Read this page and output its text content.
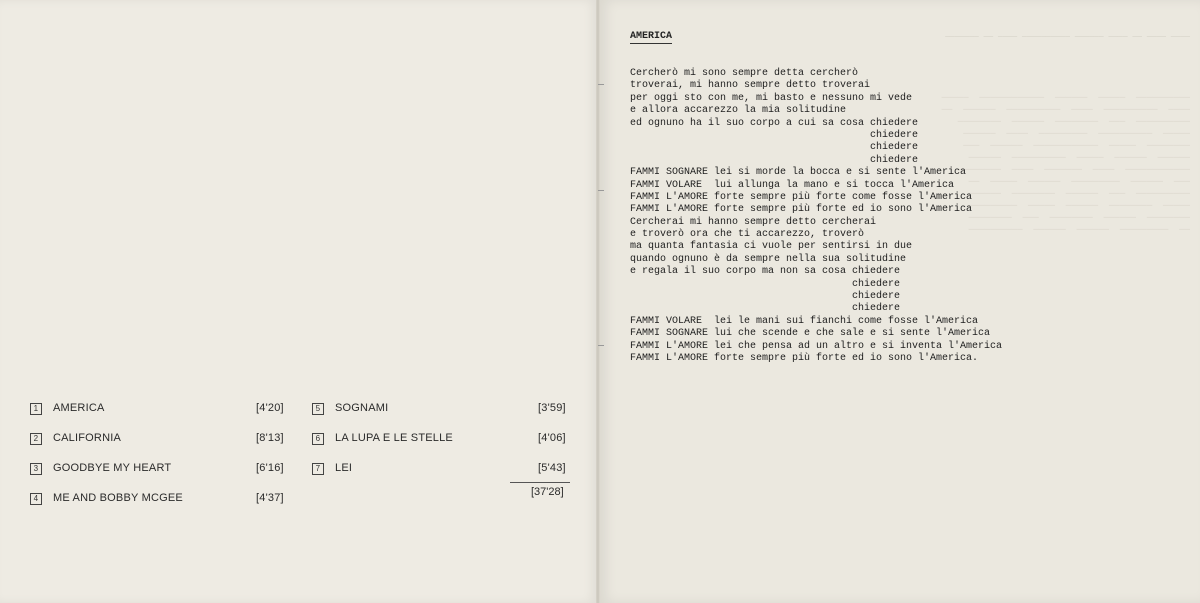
──────────  ─────  ──────  ────────────  ─────
────  ──────────  ────  ──────────  ──────  ──
──────────  ───  ────────  ──────  ────────
─────  ──────────  ─────────  ────  ──────
────────  ─────  ────────────  ──────  ───
──────  ──────  ─────  ──────────  ──────
────────────  ────  ───────  ────  ────────
───  ──────  ─────────  ──────  ─────  ──
──────────  ───  ──────  ────────  ──────
─────  ────────  ──────  ─────  ─────────
────────  ──────  ────────  ───  ────────
──  ─────────  ──────  ──────  ──────────

──── ──── ── ──── ────── ────────── ──── ── ───────
1	AMERICA	[4'20]
2	CALIFORNIA	[8'13]
3	GOODBYE MY HEART	[6'16]
4	ME AND BOBBY MCGEE	[4'37]
5	SOGNAMI	[3'59]
6	LA LUPA E LE STELLE	[4'06]
7	LEI	[5'43]
[37'28]
AMERICA
Cercherò mi sono sempre detta cercherò
troverai, mi hanno sempre detto troverai
per oggi sto con me, mi basto e nessuno mi vede
e allora accarezzo la mia solitudine
ed ognuno ha il suo corpo a cui sa cosa chiedere
chiedere
chiedere
chiedere
FAMMI SOGNARE lei si morde la bocca e si sente l'America
FAMMI VOLARE  lui allunga la mano e si tocca l'America
FAMMI L'AMORE forte sempre più forte come fosse l'America
FAMMI L'AMORE forte sempre più forte ed io sono l'America
Cercherai mi hanno sempre detto cercherai
e troverò ora che ti accarezzo, troverò
ma quanta fantasia ci vuole per sentirsi in due
quando ognuno è da sempre nella sua solitudine
e regala il suo corpo ma non sa cosa chiedere
chiedere
chiedere
chiedere
FAMMI VOLARE  lei le mani sui fianchi come fosse l'America
FAMMI SOGNARE lui che scende e che sale e si sente l'America
FAMMI L'AMORE lei che pensa ad un altro e si inventa l'America
FAMMI L'AMORE forte sempre più forte ed io sono l'America.
